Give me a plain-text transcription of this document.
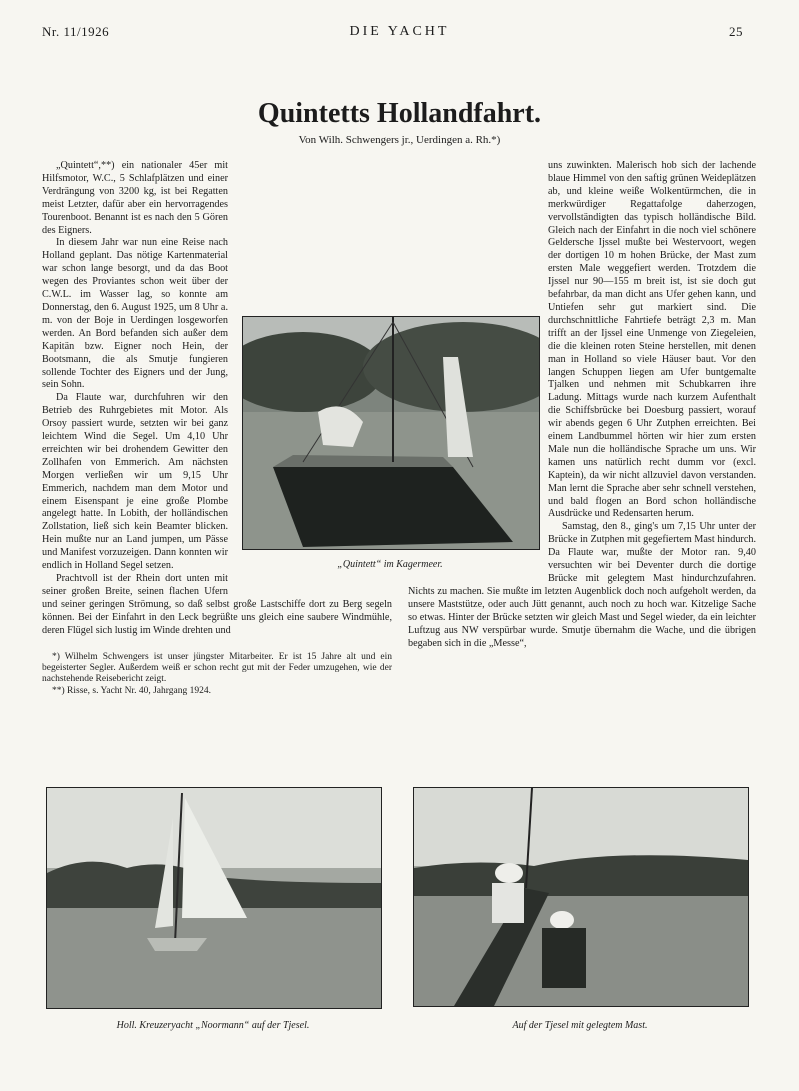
Nr. 11/1926	DIE YACHT	25
Quintetts Hollandfahrt.
Von Wilh. Schwengers jr., Uerdingen a. Rh.*)

„Quintett“,**) ein nationaler 45er mit Hilfsmotor, W.C., 5 Schlafplätzen und einer Verdrängung von 3200 kg, ist bei Regatten meist Letzter, dafür aber ein hervorragendes Tourenboot. Benannt ist es nach den 5 Gören des Eigners.

In diesem Jahr war nun eine Reise nach Holland geplant. Das nötige Kartenmaterial war schon lange besorgt, und da das Boot wegen des Proviantes schon weit über der C.W.L. im Wasser lag, so konnte am Donnerstag, den 6. August 1925, um 8 Uhr a. m. von der Boje in Uerdingen losgeworfen werden. An Bord befanden sich außer dem Kapitän bzw. Eigner noch Hein, der Bootsmann, die als Smutje fungieren sollende Tochter des Eigners und der Jung, sein Sohn.

Da Flaute war, durchfuhren wir den Betrieb des Ruhrgebietes mit Motor. Als Orsoy passiert wurde, setzten wir bei ganz leichtem Wind die Segel. Um 4,10 Uhr erreichten wir bei drohendem Gewitter den Zollhafen von Emmerich. Am nächsten Morgen verließen wir um 9,15 Uhr Emmerich, nachdem man dem Motor und einem Eisenspant je eine große Plombe angelegt hatte. In Lobith, der holländischen Zollstation, ließ sich kein Beamter blicken. Hein mußte nur an Land jumpen, um Pässe und Manifest vorzuzeigen. Dann konnten wir endlich in Holland Segel setzen.

Prachtvoll ist der Rhein dort unten mit seiner großen Breite, seinen flachen Ufern und seiner geringen Strömung, so daß selbst große Lastschiffe dort zu Berg segeln können. Bei der Einfahrt in den Leck begrüßte uns gleich eine saubere Windmühle, deren Flügel sich lustig im Winde drehten und

*) Wilhelm Schwengers ist unser jüngster Mitarbeiter. Er ist 15 Jahre alt und ein begeisterter Segler. Außerdem weiß er schon recht gut mit der Feder umzugehen, wie der nachstehende Reisebericht zeigt.

**) Risse, s. Yacht Nr. 40, Jahrgang 1924.

uns zuwinkten. Malerisch hob sich der lachende blaue Himmel von den saftig grünen Weideplätzen ab, und kleine weiße Wolkentürmchen, die in merkwürdiger Regattafolge daherzogen, vervollständigten das typisch holländische Bild. Gleich nach der Einfahrt in die noch viel schönere Geldersche Ijssel mußte bei Westervoort, wegen der dortigen 10 m hohen Brücke, der Mast zum ersten Male weggefiert werden. Trotzdem die Ijssel nur 90—155 m breit ist, ist sie doch gut befahrbar, da man dicht ans Ufer gehen kann, und Untiefen sehr gut markiert sind. Die durchschnittliche Fahrtiefe beträgt 2,3 m. Man trifft an der Ijssel eine Unmenge von Ziegeleien, die die kleinen roten Steine herstellen, mit denen man in Holland so viele Häuser baut. Vor den langen Schuppen liegen am Ufer buntgemalte Tjalken und nehmen mit Schubkarren ihre Ladung. Mittags wurde nach kurzem Aufenthalt die Schiffsbrücke bei Doesburg passiert, worauf wir abends gegen 6 Uhr Zutphen erreichten. Bei einem Landbummel hörten wir hier zum ersten Male nun die holländische Sprache um uns. Wir kamen uns natürlich recht dumm vor (excl. Kaptein), da wir nicht allzuviel davon verstanden. Man lernt die Sprache aber sehr schnell verstehen, und bald flogen an Bord schon holländische Ausdrücke und Redensarten herum.

Samstag, den 8., ging's um 7,15 Uhr unter der Brücke in Zutphen mit gegefiertem Mast hindurch. Da Flaute war, mußte der Motor ran. 9,40 versuchten wir bei Deventer durch die dortige Brücke mit gelegtem Mast hindurchzufahren. Nichts zu machen. Sie mußte im letzten Augenblick doch noch aufgeholt werden, da unsere Maststütze, oder auch Jütt genannt, auch noch zu hoch war. Kitzelige Sache so etwas. Hinter der Brücke setzten wir gleich Mast und Segel wieder, da ein leichter Luftzug aus NW verspürbar wurde. Smutje übernahm die Wache, und die übrigen begaben sich in die „Messe“,

„Quintett“ im Kagermeer.
Holl. Kreuzeryacht „Noormann“ auf der Tjesel.	Auf der Tjesel mit gelegtem Mast.
